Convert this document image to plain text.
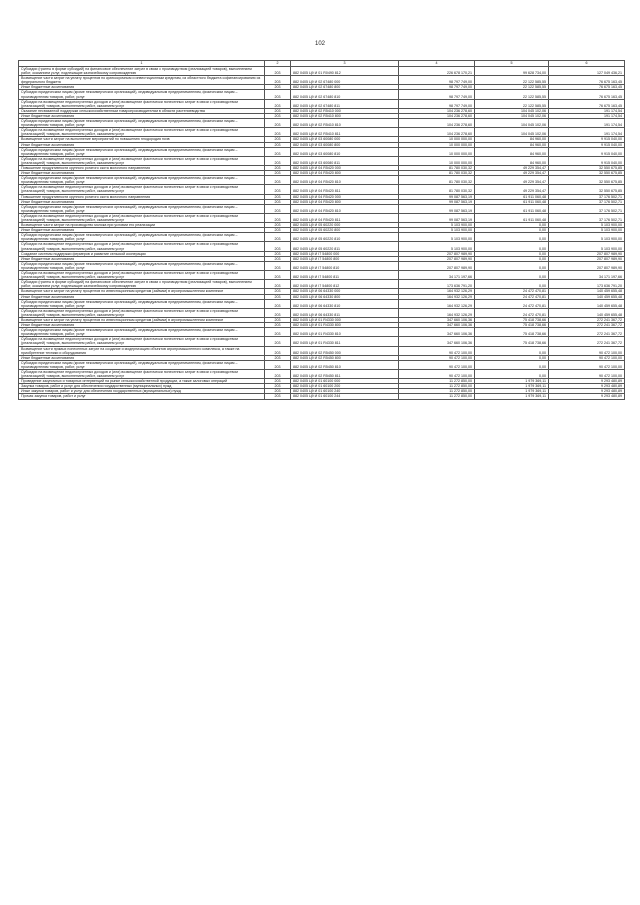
102
1	2	3	4	5	6
Субсидии (гранты в форме субсидий) на финансовое обеспечение затрат в связи с производством (реализацией товаров), выполнением работ, оказанием услуг, подлежащие казначейскому сопровождению	203	882 0405 Ц9 И 01 R0490 812	226 678 170,21	99 628 734,00	127 049 436,21
Возмещение части затрат на уплату процентов по краткосрочным и инвестиционным кредитам, из областного бюджета софинансированию из федерального бюджета	203	882 0405 Ц9 И 02 67480 000	98 797 749,00	22 122 585,55	76 675 163,45
Иные бюджетные ассигнования	203	882 0405 Ц9 И 02 67480 800	98 797 749,00	22 122 585,55	76 675 163,45
Субсидии юридическим лицам (кроме некоммерческих организаций), индивидуальным предпринимателям, физическим лицам – производителям товаров, работ, услуг	203	882 0405 Ц9 И 02 67480 810	98 797 749,00	22 122 585,55	76 675 163,45
Субсидии на возмещение недополученных доходов и (или) возмещение фактически понесенных затрат в связи с производством (реализацией) товаров, выполнением работ, оказанием услуг	203	882 0405 Ц9 И 02 67480 811	98 797 749,00	22 122 585,55	76 675 163,45
Оказание несвязанной поддержки сельскохозяйственным товаропроизводителям в области растениеводства	203	882 0405 Ц9 И 02 R5410 000	104 236 278,60	104 045 102,06	191 174,54
Иные бюджетные ассигнования	203	882 0405 Ц9 И 02 R5410 800	104 236 278,60	104 045 102,06	191 174,54
Субсидии юридическим лицам (кроме некоммерческих организаций), индивидуальным предпринимателям, физическим лицам – производителям товаров, работ, услуг	203	882 0405 Ц9 И 02 R5410 810	104 236 278,60	104 045 102,06	191 174,54
Субсидии на возмещение недополученных доходов и (или) возмещение фактически понесенных затрат в связи с производством (реализацией) товаров, выполнением работ, оказанием услуг	203	882 0405 Ц9 И 02 R5410 811	104 236 278,60	104 045 102,06	191 174,54
Возмещение части затрат на выполнение мероприятий по повышению плодородия почв	203	882 0405 Ц9 И 03 60080 000	10 000 000,00	84 960,00	9 915 040,00
Иные бюджетные ассигнования	203	882 0405 Ц9 И 03 60080 800	10 000 000,00	84 960,00	9 915 040,00
Субсидии юридическим лицам (кроме некоммерческих организаций), индивидуальным предпринимателям, физическим лицам – производителям товаров, работ, услуг	203	882 0405 Ц9 И 03 60080 810	10 000 000,00	84 960,00	9 915 040,00
Субсидии на возмещение недополученных доходов и (или) возмещение фактически понесенных затрат в связи с производством (реализацией) товаров, выполнением работ, оказанием услуг	203	882 0405 Ц9 И 03 60080 811	10 000 000,00	84 960,00	9 915 040,00
Повышение продуктивности крупного рогатого скота молочного направления	203	882 0405 Ц9 И 04 R5420 000	81 780 030,32	49 229 354,47	32 550 675,85
Иные бюджетные ассигнования	203	882 0405 Ц9 И 04 R5420 800	81 780 030,32	49 229 354,47	32 550 675,85
Субсидии юридическим лицам (кроме некоммерческих организаций), индивидуальным предпринимателям, физическим лицам – производителям товаров, работ, услуг	203	882 0405 Ц9 И 04 R5420 810	81 780 030,32	49 229 354,47	32 550 675,85
Субсидии на возмещение недополученных доходов и (или) возмещение фактически понесенных затрат в связи с производством (реализацией) товаров, выполнением работ, оказанием услуг	203	882 0405 Ц9 И 04 R5420 811	81 780 030,32	49 229 354,47	32 550 675,85
Повышение продуктивности крупного рогатого скота молочного направления	203	882 0405 Ц9 И 04 R5420 000	99 087 563,19	61 911 060,48	37 176 502,71
Иные бюджетные ассигнования	203	882 0405 Ц9 И 04 R5420 800	99 087 563,19	61 911 060,48	37 176 502,71
Субсидии юридическим лицам (кроме некоммерческих организаций), индивидуальным предпринимателям, физическим лицам – производителям товаров, работ, услуг	203	882 0405 Ц9 И 04 R5420 810	99 087 563,19	61 911 060,48	37 176 502,71
Субсидии на возмещение недополученных доходов и (или) возмещение фактически понесенных затрат в связи с производством (реализацией) товаров, выполнением работ, оказанием услуг	203	882 0405 Ц9 И 04 R5420 811	99 087 563,19	61 911 060,48	37 176 502,71
Возмещение части затрат на производство молока при условии его реализации	203	882 0405 Ц9 И 05 60220 000	5 103 900,00	0,00	5 103 900,00
Иные бюджетные ассигнования	203	882 0405 Ц9 И 05 60220 800	5 103 900,00	0,00	5 103 900,00
Субсидии юридическим лицам (кроме некоммерческих организаций), индивидуальным предпринимателям, физическим лицам – производителям товаров, работ, услуг	203	882 0405 Ц9 И 05 60220 810	5 103 900,00	0,00	5 103 900,00
Субсидии на возмещение недополученных доходов и (или) возмещение фактически понесенных затрат в связи с производством (реализацией) товаров, выполнением работ, оказанием услуг	203	882 0405 Ц9 И 05 60220 811	5 103 900,00	0,00	5 103 900,00
Создание системы поддержки фермеров и развитие сельской кооперации	203	882 0405 Ц9 И I7 54800 000	207 807 989,90	0,00	207 807 989,90
Иные бюджетные ассигнования	203	882 0405 Ц9 И I7 54800 800	207 807 989,90	0,00	207 807 989,90
Субсидии юридическим лицам (кроме некоммерческих организаций), индивидуальным предпринимателям, физическим лицам – производителям товаров, работ, услуг	203	882 0405 Ц9 И I7 54800 810	207 807 989,90	0,00	207 807 989,90
Субсидии на возмещение недополученных доходов и (или) возмещение фактически понесенных затрат в связи с производством (реализацией) товаров, выполнением работ, оказанием услуг	203	882 0405 Ц9 И I7 54800 811	34 171 197,66	0,00	34 171 197,66
Субсидии (гранты в форме субсидий) на финансовое обеспечение затрат в связи с производством (реализацией товаров), выполнением работ, оказанием услуг, подлежащие казначейскому сопровождению	203	882 0405 Ц9 И I7 54800 812	173 636 791,20	0,00	173 636 791,20
Возмещение части затрат на уплату процентов по инвестиционным кредитам (займам) в агропромышленном комплексе	203	882 0405 Ц9 И 06 64330 000	164 932 126,29	24 472 470,81	140 459 655,48
Иные бюджетные ассигнования	203	882 0405 Ц9 И 06 64330 800	164 932 126,29	24 472 470,81	140 459 655,48
Субсидии юридическим лицам (кроме некоммерческих организаций), индивидуальным предпринимателям, физическим лицам – производителям товаров, работ, услуг	203	882 0405 Ц9 И 06 64330 810	164 932 126,29	24 472 470,81	140 459 655,48
Субсидии на возмещение недополученных доходов и (или) возмещение фактически понесенных затрат в связи с производством (реализацией) товаров, выполнением работ, оказанием услуг	203	882 0405 Ц9 И 06 64330 811	164 932 126,29	24 472 470,81	140 459 655,48
Возмещение части затрат на уплату процентов по инвестиционным кредитам (займам) в агропромышленном комплексе	203	882 0405 Ц9 И 01 R4330 000	347 660 106,36	75 418 738,66	272 241 367,72
Иные бюджетные ассигнования	203	882 0405 Ц9 И 01 R4330 800	347 660 106,36	75 418 738,66	272 241 367,72
Субсидии юридическим лицам (кроме некоммерческих организаций), индивидуальным предпринимателям, физическим лицам – производителям товаров, работ, услуг	203	882 0405 Ц9 И 01 R4330 810	347 660 106,36	75 418 738,66	272 241 367,72
Субсидии на возмещение недополученных доходов и (или) возмещение фактически понесенных затрат в связи с производством (реализацией) товаров, выполнением работ, оказанием услуг	203	882 0405 Ц9 И 01 R4330 811	347 660 106,36	75 418 738,66	272 241 367,72
Возмещение части прямых понесенных затрат на создание и модернизацию объектов агропромышленного комплекса, а также на приобретение техники и оборудования	203	882 0405 Ц9 И 02 R5450 000	90 472 100,00	0,00	90 472 100,00
Иные бюджетные ассигнования	203	882 0405 Ц9 И 02 R5450 800	90 472 100,00	0,00	90 472 100,00
Субсидии юридическим лицам (кроме некоммерческих организаций), индивидуальным предпринимателям, физическим лицам – производителям товаров, работ, услуг	203	882 0405 Ц9 И 02 R5450 810	90 472 100,00	0,00	90 472 100,00
Субсидии на возмещение недополученных доходов и (или) возмещение фактически понесенных затрат в связи с производством (реализацией) товаров, выполнением работ, оказанием услуг	203	882 0405 Ц9 И 02 R5450 811	90 472 100,00	0,00	90 472 100,00
Проведение закупочных и товарных интервенций на рынке сельскохозяйственной продукции, а также залоговых операций	203	882 0405 Ц9 И 01 60100 000	11 272 850,00	1 979 369,11	9 293 480,89
Закупка товаров, работ и услуг для обеспечения государственных (муниципальных) нужд	203	882 0405 Ц9 И 01 60100 200	11 272 850,00	1 979 369,11	9 293 480,89
Иные закупки товаров, работ и услуг для обеспечения государственных (муниципальных) нужд	203	882 0405 Ц9 И 01 60100 240	11 272 850,00	1 979 369,11	9 293 480,89
Прочая закупка товаров, работ и услуг	203	882 0405 Ц9 И 01 60100 244	11 272 850,00	1 979 369,11	9 293 480,89
